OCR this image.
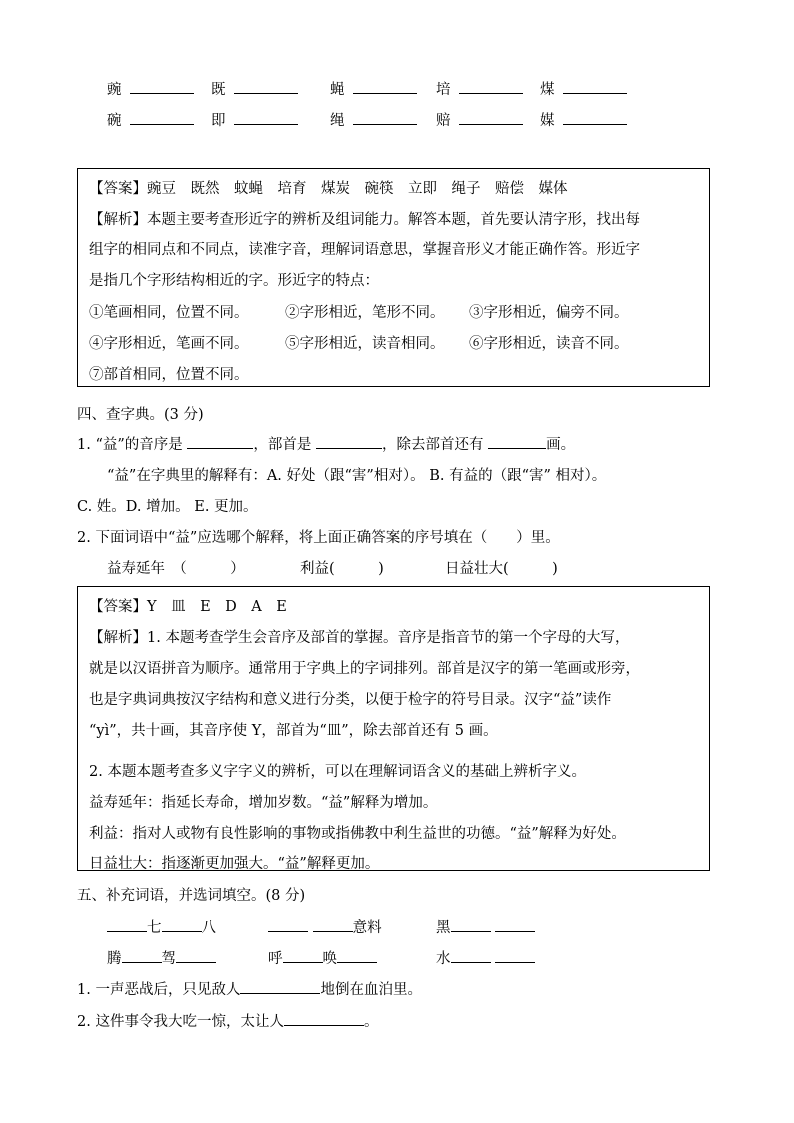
豌	既	蝇	培	煤
碗	即	绳	赔	媒
【答案】豌豆　既然　蚊蝇　培育　煤炭　碗筷　立即　绳子　赔偿　媒体
【解析】本题主要考查形近字的辨析及组词能力。解答本题，首先要认清字形，找出每
组字的相同点和不同点，读准字音，理解词语意思，掌握音形义才能正确作答。形近字
是指几个字形结构相近的字。形近字的特点：
①笔画相同，位置不同。	②字形相近，笔形不同。 ③字形相近，偏旁不同。
④字形相近，笔画不同。	⑤字形相近，读音相同。 ⑥字形相近，读音不同。
⑦部首相同，位置不同。
四、查字典。(3 分)
1. “益”的音序是	，部首是	，除去部首还有	画。
“益”在字典里的解释有：A. 好处（跟“害”相对）。 B. 有益的（跟“害” 相对）。
C. 姓。D. 增加。 E. 更加。
2. 下面词语中“益”应选哪个解释，将上面正确答案的序号填在（　　）里。
益寿延年　（　　　）	利益(　　　)	日益壮大(　　　)
【答案】Y　皿　E　D　A　E
【解析】1. 本题考查学生会音序及部首的掌握。音序是指音节的第一个字母的大写，
就是以汉语拼音为顺序。通常用于字典上的字词排列。部首是汉字的第一笔画或形旁，
也是字典词典按汉字结构和意义进行分类，以便于检字的符号目录。汉字“益”读作
“yì”，共十画，其音序使 Y，部首为“皿”，除去部首还有 5 画。
2. 本题本题考查多义字字义的辨析，可以在理解词语含义的基础上辨析字义。
益寿延年：指延长寿命，增加岁数。“益”解释为增加。
利益：指对人或物有良性影响的事物或指佛教中利生益世的功德。“益”解释为好处。
日益壮大：指逐渐更加强大。“益”解释更加。
五、补充词语，并选词填空。(8 分)
七	八	意料	黑
腾	驾	呼	唤	水
1. 一声恶战后，只见敌人	地倒在血泊里。
2. 这件事令我大吃一惊，太让人	。
